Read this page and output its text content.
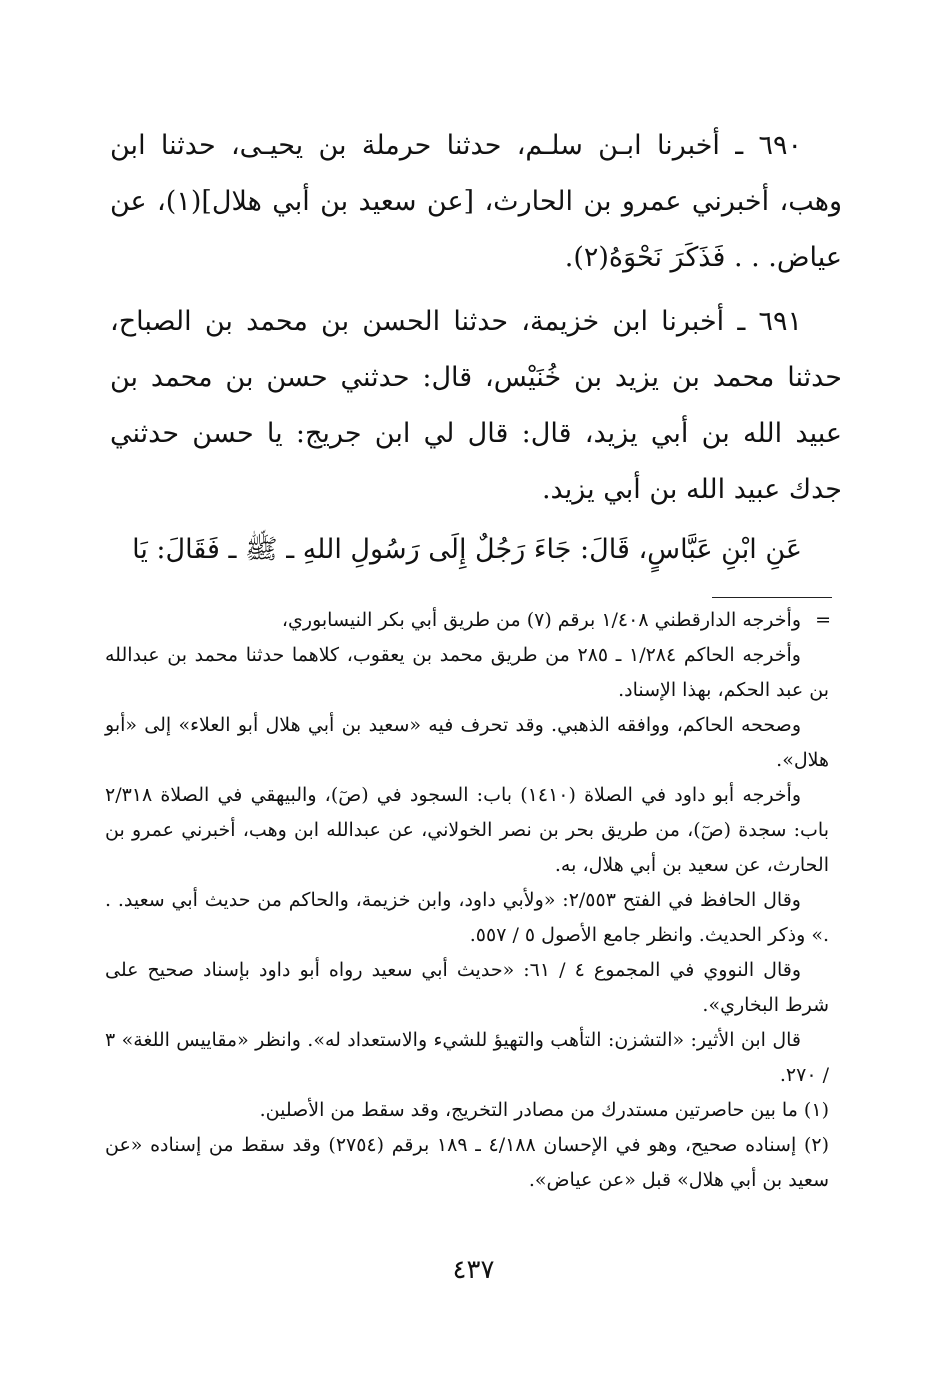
٦٩٠ ـ أخبرنا ابـن سلـم، حدثنا حرملة بن يحيـى، حدثنا ابن وهب، أخبرني عمرو بن الحارث، [عن سعيد بن أبي هلال](١)، عن عياض. . . فَذَكَرَ نَحْوَهُ(٢).

٦٩١ ـ أخبرنا ابن خزيمة، حدثنا الحسن بن محمد بن الصباح، حدثنا محمد بن يزيد بن خُنَيْس، قال: حدثني حسن بن محمد بن عبيد الله بن أبي يزيد، قال: قال لي ابن جريج: يا حسن حدثني جدك عبيد الله بن أبي يزيد.

عَنِ ابْنِ عَبَّاسٍ، قَالَ: جَاءَ رَجُلٌ إِلَى رَسُولِ اللهِ ـ ﷺ ـ فَقَالَ: يَا

=
وأخرجه الدارقطني ١/٤٠٨ برقم (٧) من طريق أبي بكر النيسابوري،

وأخرجه الحاكم ١/٢٨٤ ـ ٢٨٥ من طريق محمد بن يعقوب، كلاهما حدثنا محمد بن عبدالله بن عبد الحكم، بهذا الإسناد.

وصححه الحاكم، ووافقه الذهبي. وقد تحرف فيه «سعيد بن أبي هلال أبو العلاء» إلى «أبو هلال».

وأخرجه أبو داود في الصلاة (١٤١٠) باب: السجود في (صٓ)، والبيهقي في الصلاة ٢/٣١٨ باب: سجدة (صٓ)، من طريق بحر بن نصر الخولاني، عن عبدالله ابن وهب، أخبرني عمرو بن الحارث، عن سعيد بن أبي هلال، به.

وقال الحافظ في الفتح ٢/٥٥٣: «ولأبي داود، وابن خزيمة، والحاكم من حديث أبي سعيد. . .» وذكر الحديث. وانظر جامع الأصول ٥ / ٥٥٧.

وقال النووي في المجموع ٤ / ٦١: «حديث أبي سعيد رواه أبو داود بإسناد صحيح على شرط البخاري».

قال ابن الأثير: «التشزن: التأهب والتهيؤ للشيء والاستعداد له». وانظر «مقاييس اللغة» ٣ / ٢٧٠.

(١) ما بين حاصرتين مستدرك من مصادر التخريج، وقد سقط من الأصلين.

(٢) إسناده صحيح، وهو في الإحسان ٤/١٨٨ ـ ١٨٩ برقم (٢٧٥٤) وقد سقط من إسناده «عن سعيد بن أبي هلال» قبل «عن عياض».

٤٣٧
